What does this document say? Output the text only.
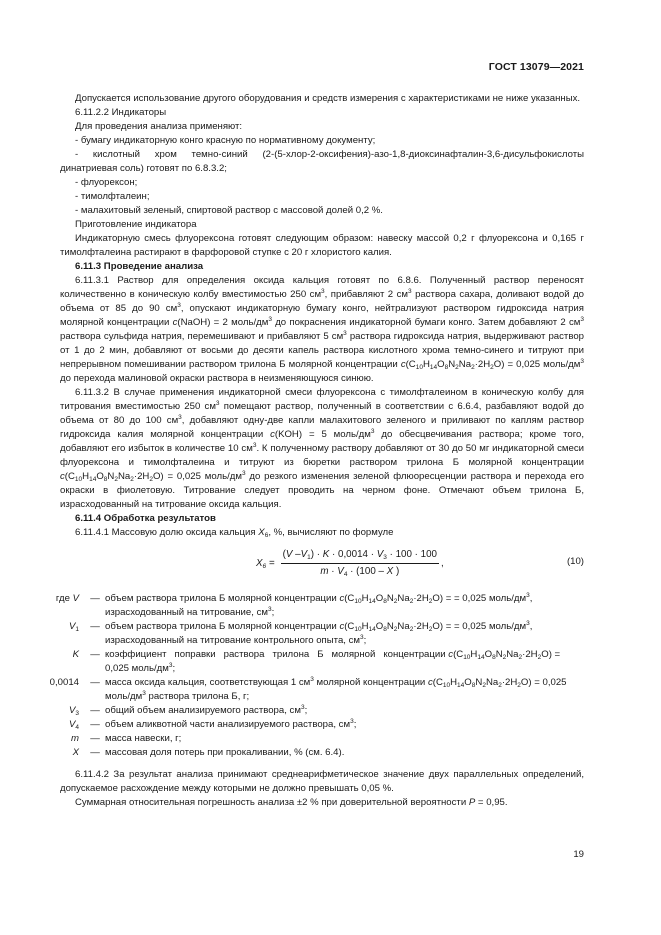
ГОСТ 13079—2021

Допускается использование другого оборудования и средств измерения с характеристиками не ниже указанных.

6.11.2.2 Индикаторы

Для проведения анализа применяют:

- бумагу индикаторную конго красную по нормативному документу;

- кислотный хром темно-синий (2-(5-хлор-2-оксифения)-азо-1,8-диоксинафталин-3,6-дисульфокислоты динатриевая соль) готовят по 6.8.3.2;

- флуорексон;

- тимолфталеин;

- малахитовый зеленый, спиртовой раствор с массовой долей 0,2 %.

Приготовление индикатора

Индикаторную смесь флуорексона готовят следующим образом: навеску массой 0,2 г флуорексона и 0,165 г тимолфталеина растирают в фарфоровой ступке с 20 г хлористого калия.

6.11.3 Проведение анализа

6.11.3.1 Раствор для определения оксида кальция готовят по 6.8.6. Полученный раствор переносят количественно в коническую колбу вместимостью 250 $см^3$, прибавляют 2 $см^3$ раствора сахара, доливают водой до объема от 85 до 90 $см^3$, опускают индикаторную бумагу конго, нейтрализуют раствором гидроксида натрия молярной концентрации c(NaOH) = 2 моль/$дм^3$ до покраснения индикаторной бумаги конго. Затем добавляют 2 $см^3$ раствора сульфида натрия, перемешивают и прибавляют 5 $см^3$ раствора гидроксида натрия, выдерживают раствор от 1 до 2 мин, добавляют от восьми до десяти капель раствора кислотного хрома темно-синего и титруют при непрерывном помешивании раствором трилона Б молярной концентрации $c(C_{10}H_{14}O_8N_2Na_2\cdot 2H_2O) = 0,025$ моль/$дм^3$ до перехода малиновой окраски раствора в неизменяющуюся синюю.

6.11.3.2 В случае применения индикаторной смеси флуорексона с тимолфталеином в коническую колбу для титрования вместимостью 250 $см^3$ помещают раствор, полученный в соответствии с 6.6.4, разбавляют водой до объема от 80 до 100 $см^3$, добавляют одну-две капли малахитового зеленого и приливают по каплям раствор гидроксида калия молярной концентрации c(KOH) = 5 моль/$дм^3$ до обесцвечивания раствора; кроме того, добавляют его избыток в количестве 10 $см^3$. К полученному раствору добавляют от 30 до 50 мг индикаторной смеси флуорексона и тимолфталеина и титруют из бюретки раствором трилона Б молярной концентрации $c(C_{10}H_{14}O_8N_2Na_2\cdot 2H_2O) = 0,025$ моль/$дм^3$ до резкого изменения зеленой флюоресценции раствора и перехода его окраски в фиолетовую. Титрование следует проводить на черном фоне. Отмечают объем трилона Б, израсходованный на титрование оксида кальция.

6.11.4 Обработка результатов

6.11.4.1 Массовую долю оксида кальция $X_6$, %, вычисляют по формуле

$X_6 = \frac{(V -V_1) \cdot K \cdot 0,0014 \cdot V_3 \cdot 100 \cdot 100}{m \cdot V_4 \cdot (100 - X )}$ ,	(10)
где V	— объем раствора трилона Б молярной концентрации $c(C_{10}H_{14}O_8N_2Na_2\cdot 2H_2O)$ = = 0,025 моль/$дм^3$, израсходованный на титрование, $см^3$;
$V_1$	— объем раствора трилона Б молярной концентрации $c(C_{10}H_{14}O_8N_2Na_2\cdot 2H_2O)$ = = 0,025 моль/$дм^3$, израсходованный на титрование контрольного опыта, $см^3$;
K	— коэффициент   поправки   раствора   трилона   Б   молярной   концентрации $c(C_{10}H_{14}O_8N_2Na_2\cdot 2H_2O) = 0,025$ моль/$дм^3$;
0,0014	— масса оксида кальция, соответствующая 1 $см^3$ молярной концентрации $c(C_{10}H_{14}O_8N_2Na_2\cdot 2H_2O) = 0,025$ моль/$дм^3$ раствора трилона Б, г;
$V_3$	— общий объем анализируемого раствора, $см^3$;
$V_4$	— объем аликвотной части анализируемого раствора, $см^3$;
m	— масса навески, г;
X	— массовая доля потерь при прокаливании, % (см. 6.4).

6.11.4.2 За результат анализа принимают среднеарифметическое значение двух параллельных определений, допускаемое расхождение между которыми не должно превышать 0,05 %.

Суммарная относительная погрешность анализа ±2 % при доверительной вероятности P = 0,95.

19
